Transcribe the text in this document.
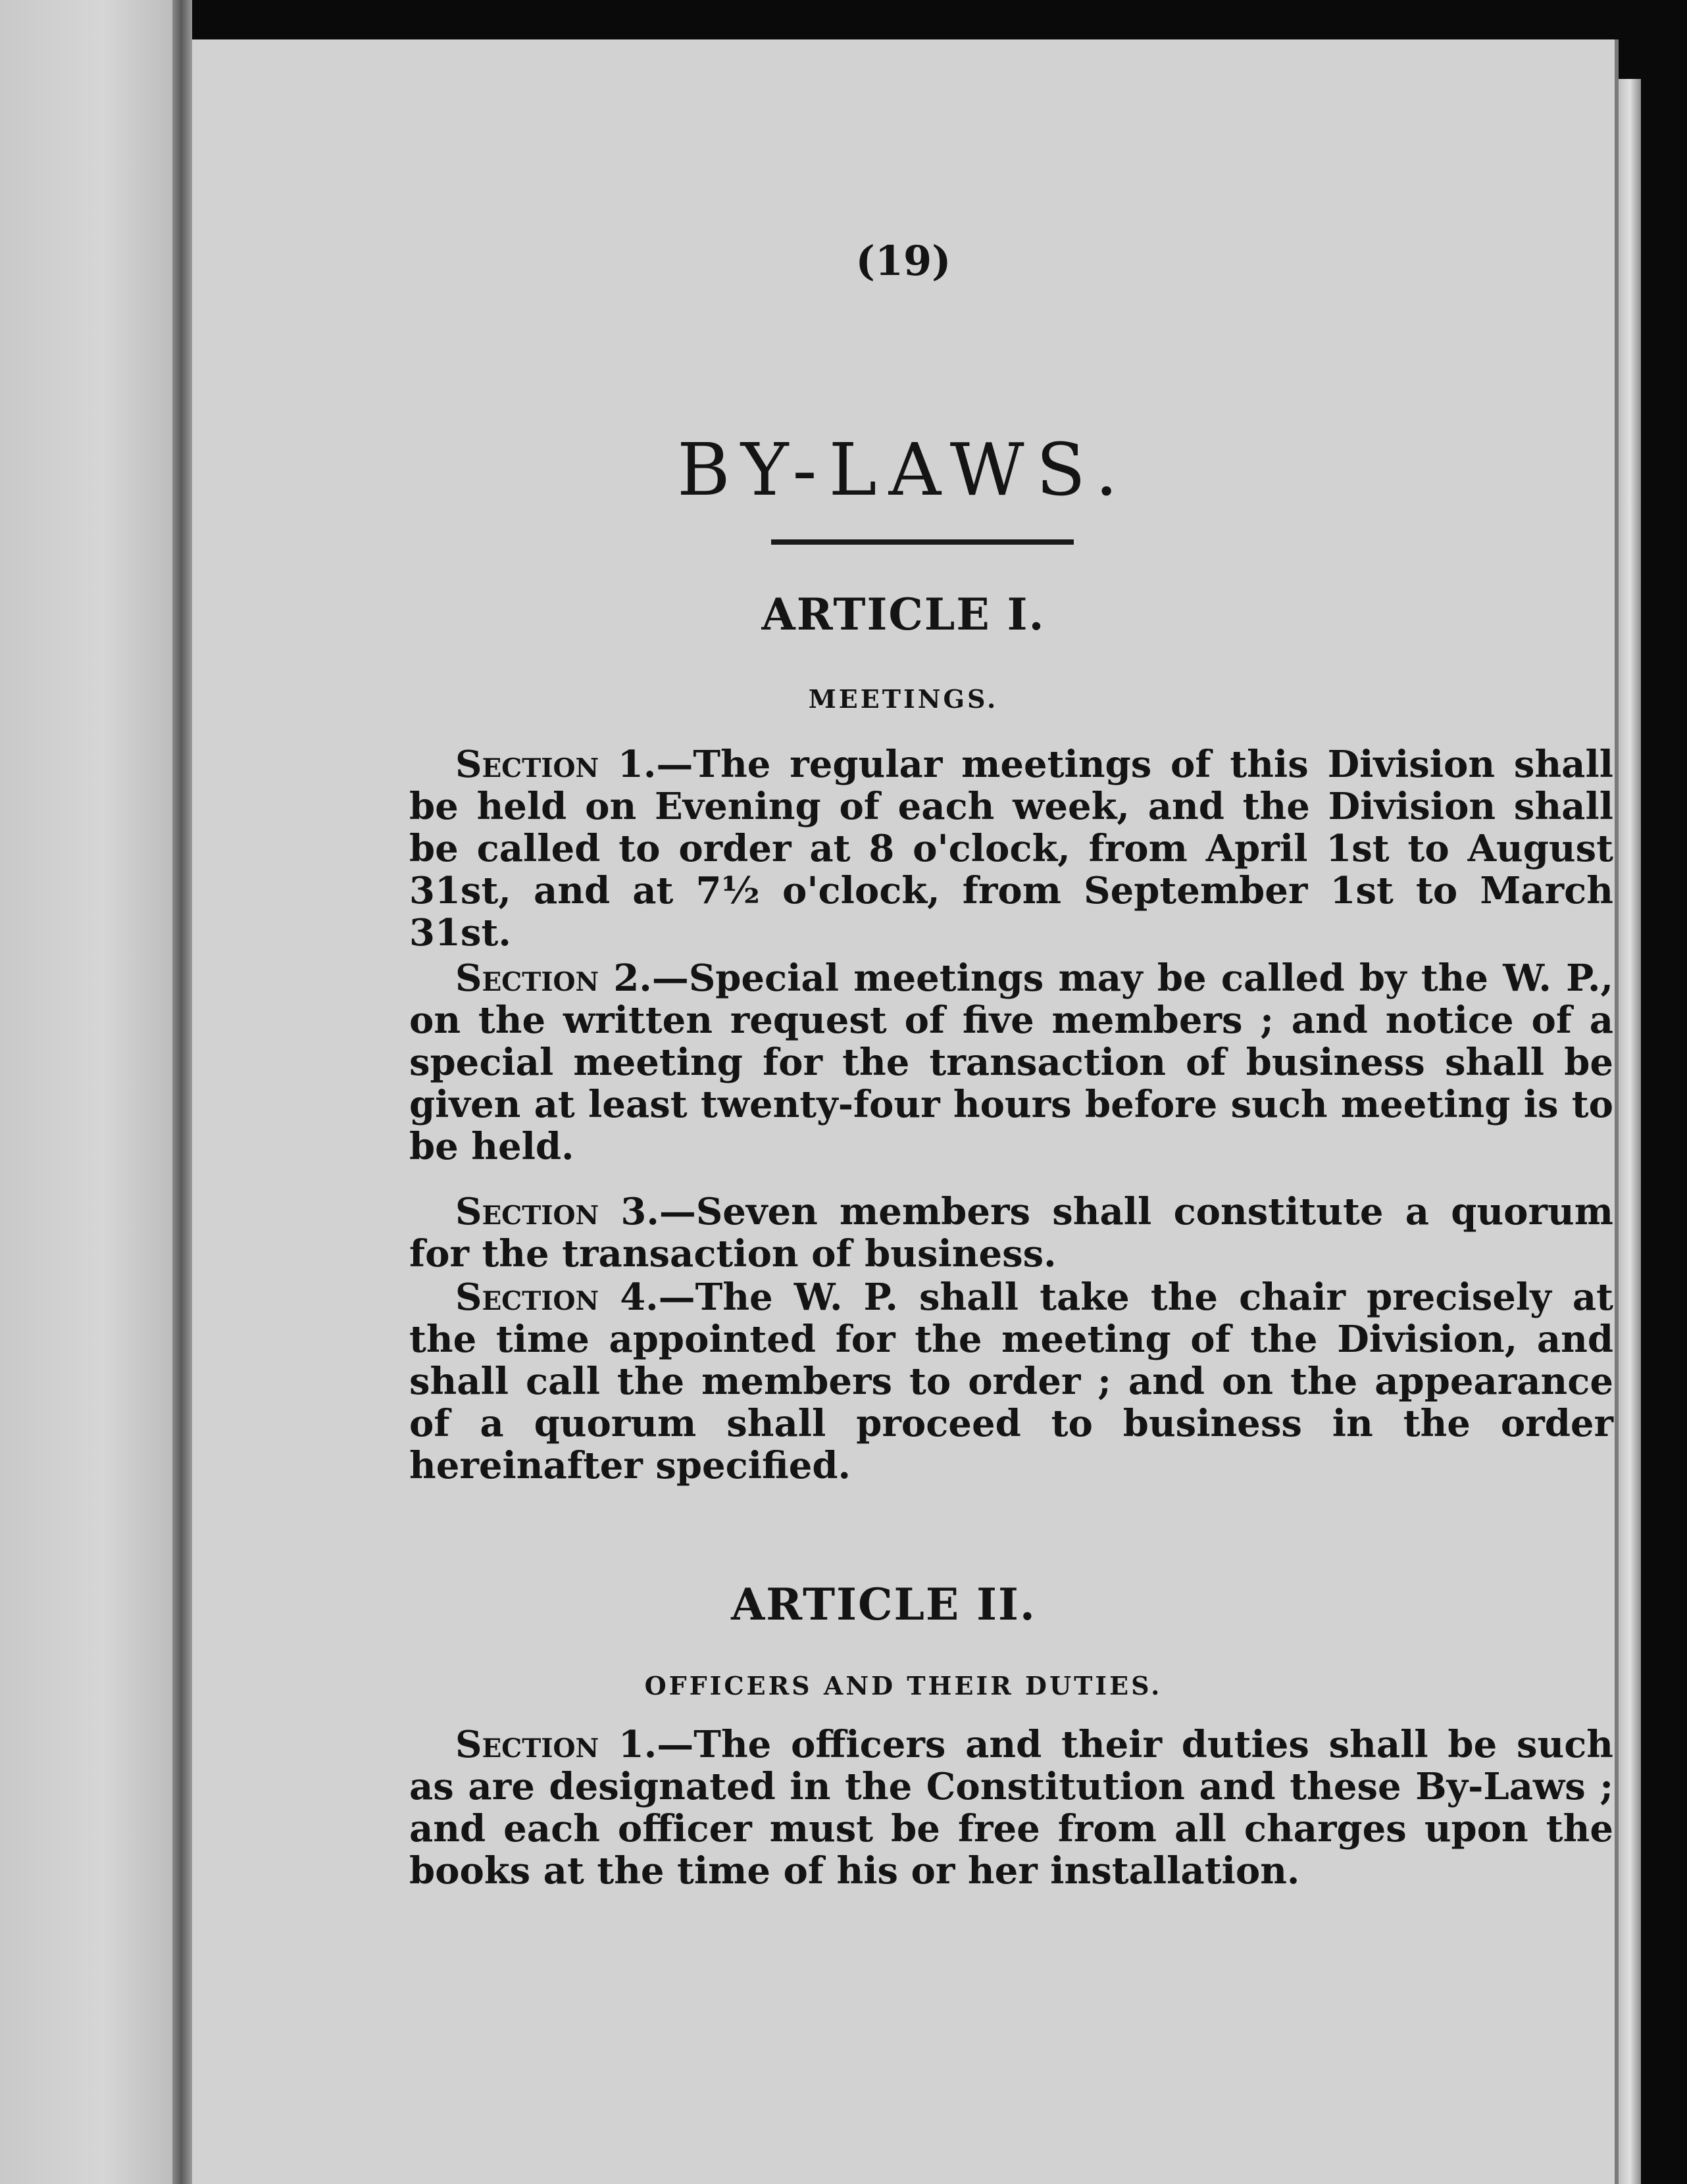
(19)
BY-LAWS.
ARTICLE I.
MEETINGS.

Section 1.—The regular meetings of this Division shall be held on Evening of each week, and the Division shall be called to order at 8 o'clock, from April 1st to August 31st, and at 7½ o'clock, from September 1st to March 31st.

Section 2.—Special meetings may be called by the W. P., on the written request of five members ; and notice of a special meeting for the transaction of business shall be given at least twenty-four hours before such meeting is to be held.

Section 3.—Seven members shall constitute a quorum for the transaction of business.

Section 4.—The W. P. shall take the chair precisely at the time appointed for the meeting of the Division, and shall call the members to order ; and on the appearance of a quorum shall proceed to business in the order hereinafter specified.

ARTICLE II.
OFFICERS AND THEIR DUTIES.

Section 1.—The officers and their duties shall be such as are designated in the Constitution and these By-Laws ; and each officer must be free from all charges upon the books at the time of his or her installation.
